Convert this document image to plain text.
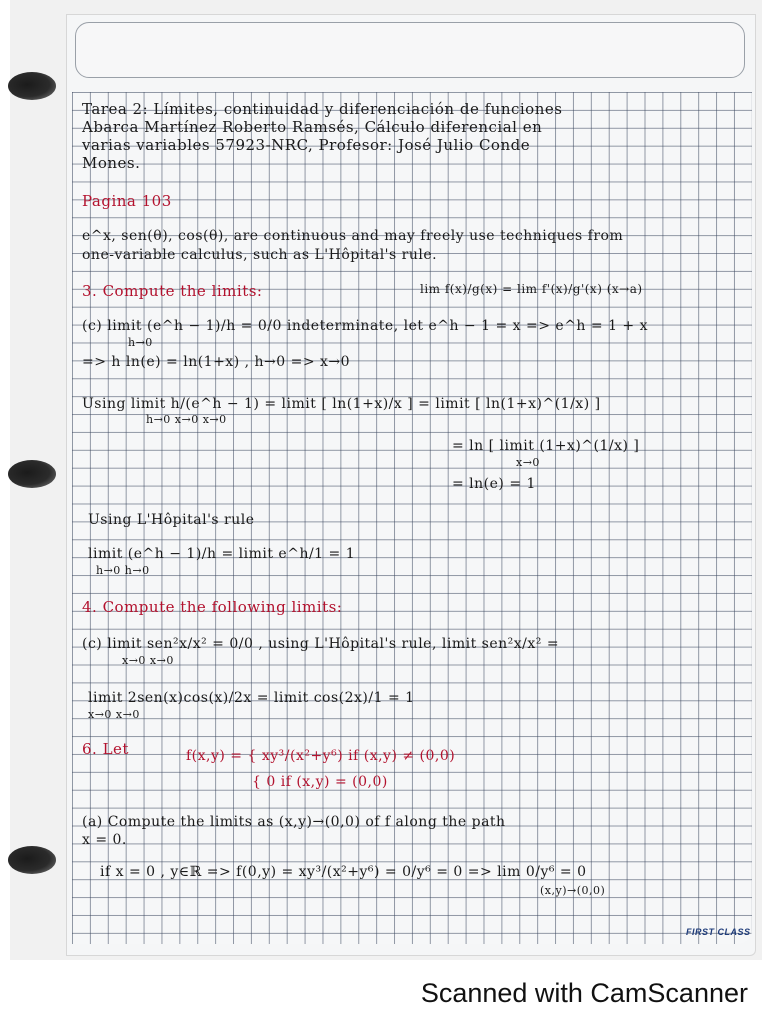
Tarea 2: Límites, continuidad y diferenciación de funciones
Abarca Martínez Roberto Ramsés, Cálculo diferencial en
varias variables 57923-NRC, Profesor: José Julio Conde
Mones.
Pagina 103
e^x, sen(θ), cos(θ), are continuous and may freely use techniques from
one-variable calculus, such as L'Hôpital's rule.
3. Compute the limits:	lim f(x)/g(x) = lim f'(x)/g'(x) (x→a)
(c) limit (e^h − 1)/h = 0/0 indeterminate, let e^h − 1 = x => e^h = 1 + x
h→0
=> h ln(e) = ln(1+x) , h→0 => x→0
Using limit h/(e^h − 1) = limit [ ln(1+x)/x ] = limit [ ln(1+x)^(1/x) ]
h→0 x→0 x→0
= ln [ limit (1+x)^(1/x) ]
x→0
= ln(e) = 1
Using L'Hôpital's rule
limit (e^h − 1)/h = limit e^h/1 = 1
h→0 h→0
4. Compute the following limits:
(c) limit sen²x/x² = 0/0 , using L'Hôpital's rule, limit sen²x/x² =
x→0 x→0
limit 2sen(x)cos(x)/2x = limit cos(2x)/1 = 1
x→0 x→0
6. Let	f(x,y) = { xy³/(x²+y⁶) if (x,y) ≠ (0,0)
{ 0 if (x,y) = (0,0)
(a) Compute the limits as (x,y)→(0,0) of f along the path
x = 0.
if x = 0 , y∈ℝ => f(0,y) = xy³/(x²+y⁶) = 0/y⁶ = 0 => lim 0/y⁶ = 0
(x,y)→(0,0)
FIRST CLASS
Scanned with CamScanner
